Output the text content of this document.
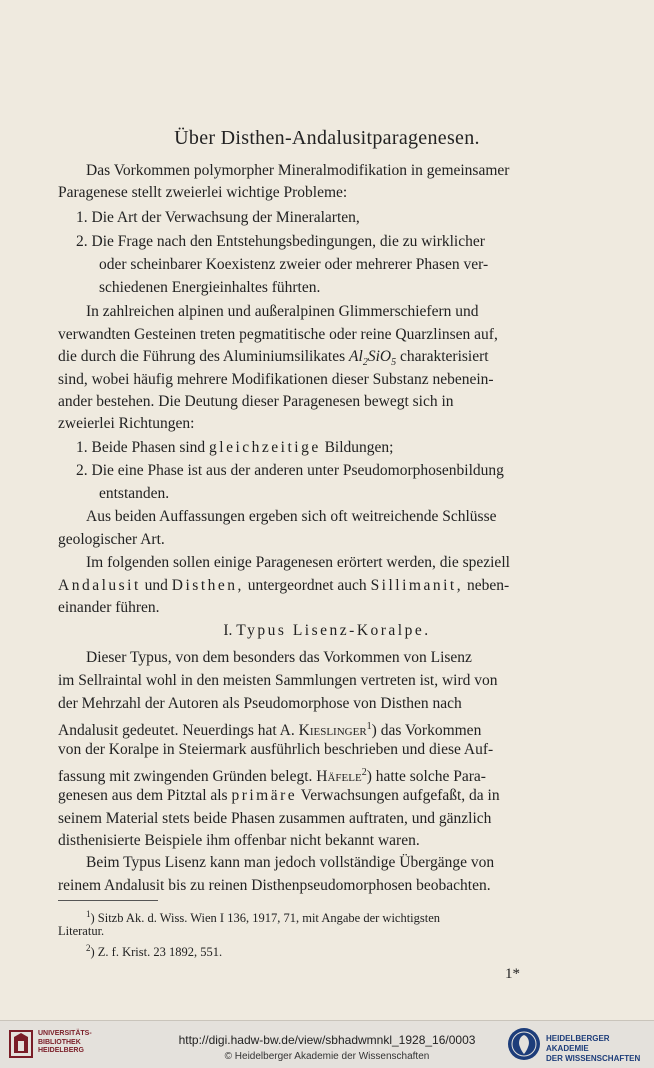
Über Disthen-Andalusitparagenesen.
Das Vorkommen polymorpher Mineralmodifikation in gemeinsamer
Paragenese stellt zweierlei wichtige Probleme:
1. Die Art der Verwachsung der Mineralarten,
2. Die Frage nach den Entstehungsbedingungen, die zu wirklicher
oder scheinbarer Koexistenz zweier oder mehrerer Phasen ver-
schiedenen Energieinhaltes führten.
In zahlreichen alpinen und außeralpinen Glimmerschiefern und
verwandten Gesteinen treten pegmatitische oder reine Quarzlinsen auf,
die durch die Führung des Aluminiumsilikates $Al_2SiO_5$ charakterisiert
sind, wobei häufig mehrere Modifikationen dieser Substanz nebenein-
ander bestehen. Die Deutung dieser Paragenesen bewegt sich in
zweierlei Richtungen:
1. Beide Phasen sind gleichzeitige Bildungen;
2. Die eine Phase ist aus der anderen unter Pseudomorphosenbildung
entstanden.
Aus beiden Auffassungen ergeben sich oft weitreichende Schlüsse
geologischer Art.
Im folgenden sollen einige Paragenesen erörtert werden, die speziell
Andalusit und Disthen, untergeordnet auch Sillimanit, neben-
einander führen.
I. Typus Lisenz-Koralpe.
Dieser Typus, von dem besonders das Vorkommen von Lisenz
im Sellraintal wohl in den meisten Sammlungen vertreten ist, wird von
der Mehrzahl der Autoren als Pseudomorphose von Disthen nach
Andalusit gedeutet. Neuerdings hat A. Kieslinger$^1$) das Vorkommen
von der Koralpe in Steiermark ausführlich beschrieben und diese Auf-
fassung mit zwingenden Gründen belegt. Häfele$^2$) hatte solche Para-
genesen aus dem Pitztal als primäre Verwachsungen aufgefaßt, da in
seinem Material stets beide Phasen zusammen auftraten, und gänzlich
disthenisierte Beispiele ihm offenbar nicht bekannt waren.
Beim Typus Lisenz kann man jedoch vollständige Übergänge von
reinem Andalusit bis zu reinen Disthenpseudomorphosen beobachten.
$^1$) Sitzb Ak. d. Wiss. Wien I 136, 1917, 71, mit Angabe der wichtigsten
Literatur.
$^2$) Z. f. Krist. 23 1892, 551.
1*
UNIVERSITÄTS-
BIBLIOTHEK
HEIDELBERG
http://digi.hadw-bw.de/view/sbhadwmnkl_1928_16/0003
© Heidelberger Akademie der Wissenschaften
HEIDELBERGER AKADEMIE
DER WISSENSCHAFTEN
